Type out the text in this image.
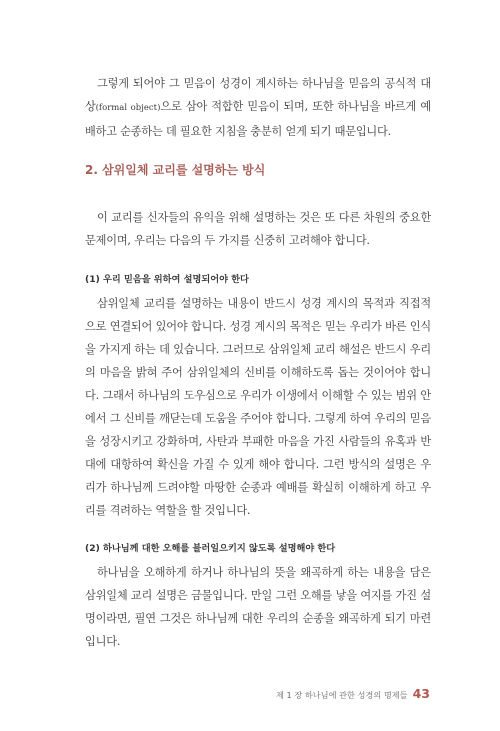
그렇게 되어야 그 믿음이 성경이 계시하는 하나님을 믿음의 공식적 대상(formal object)으로 삼아 적합한 믿음이 되며, 또한 하나님을 바르게 예배하고 순종하는 데 필요한 지침을 충분히 얻게 되기 때문입니다.

2. 삼위일체 교리를 설명하는 방식

이 교리를 신자들의 유익을 위해 설명하는 것은 또 다른 차원의 중요한 문제이며, 우리는 다음의 두 가지를 신중히 고려해야 합니다.

(1) 우리 믿음을 위하여 설명되어야 한다

삼위일체 교리를 설명하는 내용이 반드시 성경 계시의 목적과 직접적으로 연결되어 있어야 합니다. 성경 계시의 목적은 믿는 우리가 바른 인식을 가지게 하는 데 있습니다. 그러므로 삼위일체 교리 해설은 반드시 우리의 마음을 밝혀 주어 삼위일체의 신비를 이해하도록 돕는 것이어야 합니다. 그래서 하나님의 도우심으로 우리가 이생에서 이해할 수 있는 범위 안에서 그 신비를 깨닫는데 도움을 주어야 합니다. 그렇게 하여 우리의 믿음을 성장시키고 강화하며, 사탄과 부패한 마음을 가진 사람들의 유혹과 반대에 대항하여 확신을 가질 수 있게 해야 합니다. 그런 방식의 설명은 우리가 하나님께 드려야할 마땅한 순종과 예배를 확실히 이해하게 하고 우리를 격려하는 역할을 할 것입니다.

(2) 하나님께 대한 오해를 불러일으키지 않도록 설명해야 한다

하나님을 오해하게 하거나 하나님의 뜻을 왜곡하게 하는 내용을 담은 삼위일체 교리 설명은 금물입니다. 만일 그런 오해를 낳을 여지를 가진 설명이라면, 필연 그것은 하나님께 대한 우리의 순종을 왜곡하게 되기 마련입니다.

제 1 장 하나님에 관한 성경의 명제들 43
